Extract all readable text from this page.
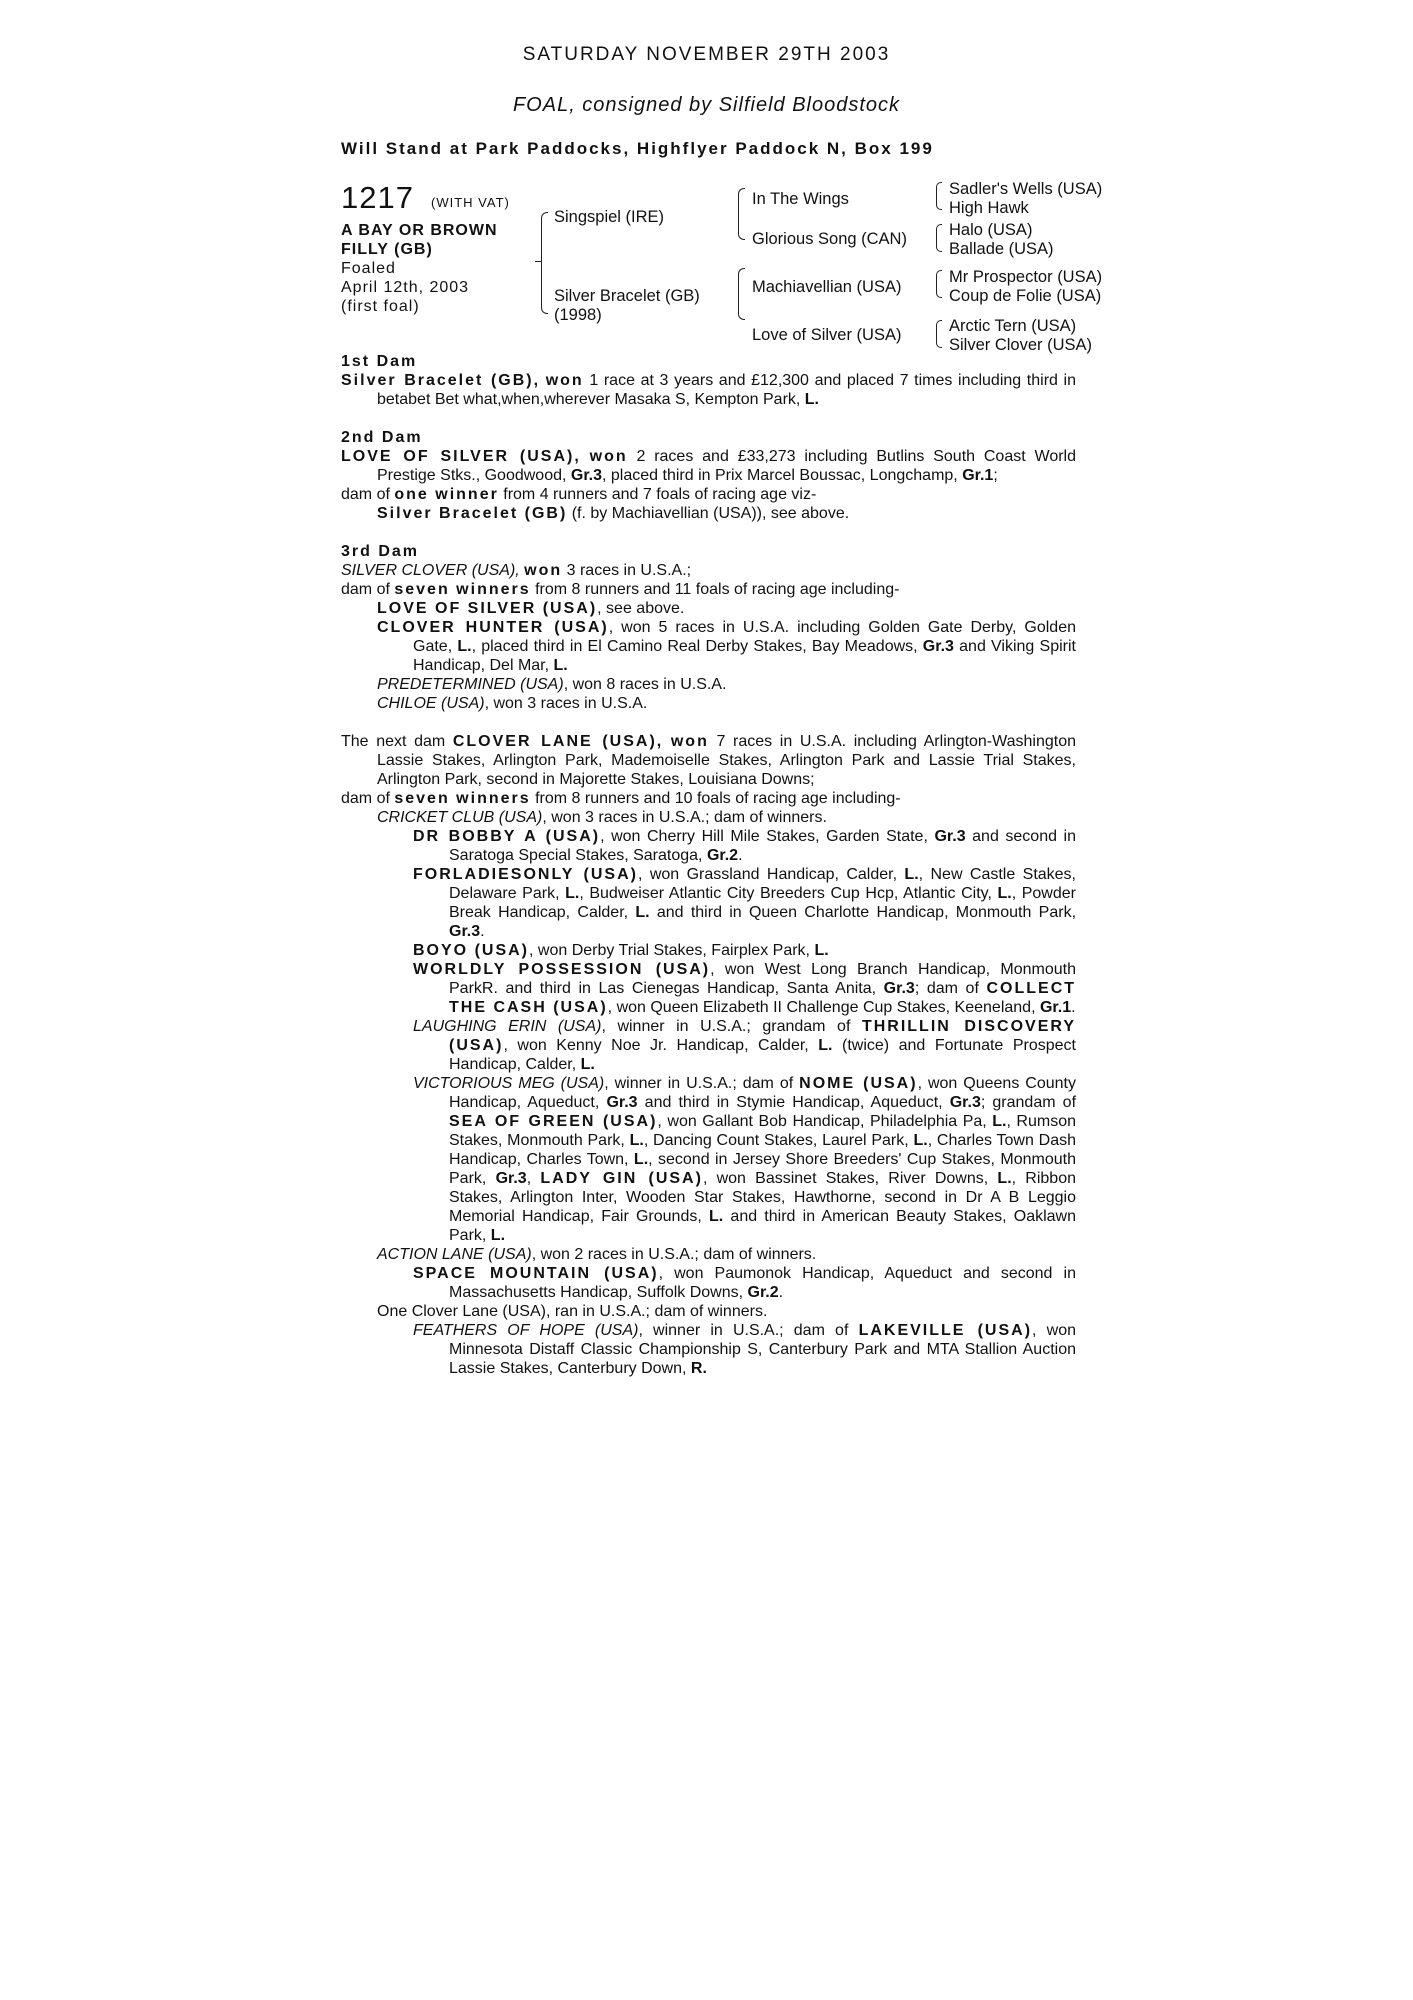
SATURDAY NOVEMBER 29TH 2003
FOAL, consigned by Silfield Bloodstock
Will Stand at Park Paddocks, Highflyer Paddock N, Box 199
1217 (WITH VAT)
A BAY OR BROWN
FILLY (GB)
Foaled
April 12th, 2003
(first foal)
Singspiel (IRE)
Silver Bracelet (GB)
(1998)
In The Wings
Glorious Song (CAN)
Machiavellian (USA)
Love of Silver (USA)
Sadler's Wells (USA)
High Hawk
Halo (USA)
Ballade (USA)
Mr Prospector (USA)
Coup de Folie (USA)
Arctic Tern (USA)
Silver Clover (USA)

1st Dam

Silver Bracelet (GB), won 1 race at 3 years and £12,300 and placed 7 times including third in betabet Bet what,when,wherever Masaka S, Kempton Park, L.

2nd Dam

LOVE OF SILVER (USA), won 2 races and £33,273 including Butlins South Coast World Prestige Stks., Goodwood, Gr.3, placed third in Prix Marcel Boussac, Longchamp, Gr.1;

dam of one winner from 4 runners and 7 foals of racing age viz-

Silver Bracelet (GB) (f. by Machiavellian (USA)), see above.

3rd Dam

SILVER CLOVER (USA), won 3 races in U.S.A.;

dam of seven winners from 8 runners and 11 foals of racing age including-

LOVE OF SILVER (USA), see above.

CLOVER HUNTER (USA), won 5 races in U.S.A. including Golden Gate Derby, Golden Gate, L., placed third in El Camino Real Derby Stakes, Bay Meadows, Gr.3 and Viking Spirit Handicap, Del Mar, L.

PREDETERMINED (USA), won 8 races in U.S.A.

CHILOE (USA), won 3 races in U.S.A.

The next dam CLOVER LANE (USA), won 7 races in U.S.A. including Arlington-Washington Lassie Stakes, Arlington Park, Mademoiselle Stakes, Arlington Park and Lassie Trial Stakes, Arlington Park, second in Majorette Stakes, Louisiana Downs;

dam of seven winners from 8 runners and 10 foals of racing age including-

CRICKET CLUB (USA), won 3 races in U.S.A.; dam of winners.

DR BOBBY A (USA), won Cherry Hill Mile Stakes, Garden State, Gr.3 and second in Saratoga Special Stakes, Saratoga, Gr.2.

FORLADIESONLY (USA), won Grassland Handicap, Calder, L., New Castle Stakes, Delaware Park, L., Budweiser Atlantic City Breeders Cup Hcp, Atlantic City, L., Powder Break Handicap, Calder, L. and third in Queen Charlotte Handicap, Monmouth Park, Gr.3.

BOYO (USA), won Derby Trial Stakes, Fairplex Park, L.

WORLDLY POSSESSION (USA), won West Long Branch Handicap, Monmouth ParkR. and third in Las Cienegas Handicap, Santa Anita, Gr.3; dam of COLLECT THE CASH (USA), won Queen Elizabeth II Challenge Cup Stakes, Keeneland, Gr.1.

LAUGHING ERIN (USA), winner in U.S.A.; grandam of THRILLIN DISCOVERY (USA), won Kenny Noe Jr. Handicap, Calder, L. (twice) and Fortunate Prospect Handicap, Calder, L.

VICTORIOUS MEG (USA), winner in U.S.A.; dam of NOME (USA), won Queens County Handicap, Aqueduct, Gr.3 and third in Stymie Handicap, Aqueduct, Gr.3; grandam of SEA OF GREEN (USA), won Gallant Bob Handicap, Philadelphia Pa, L., Rumson Stakes, Monmouth Park, L., Dancing Count Stakes, Laurel Park, L., Charles Town Dash Handicap, Charles Town, L., second in Jersey Shore Breeders' Cup Stakes, Monmouth Park, Gr.3, LADY GIN (USA), won Bassinet Stakes, River Downs, L., Ribbon Stakes, Arlington Inter, Wooden Star Stakes, Hawthorne, second in Dr A B Leggio Memorial Handicap, Fair Grounds, L. and third in American Beauty Stakes, Oaklawn Park, L.

ACTION LANE (USA), won 2 races in U.S.A.; dam of winners.

SPACE MOUNTAIN (USA), won Paumonok Handicap, Aqueduct and second in Massachusetts Handicap, Suffolk Downs, Gr.2.

One Clover Lane (USA), ran in U.S.A.; dam of winners.

FEATHERS OF HOPE (USA), winner in U.S.A.; dam of LAKEVILLE (USA), won Minnesota Distaff Classic Championship S, Canterbury Park and MTA Stallion Auction Lassie Stakes, Canterbury Down, R.
